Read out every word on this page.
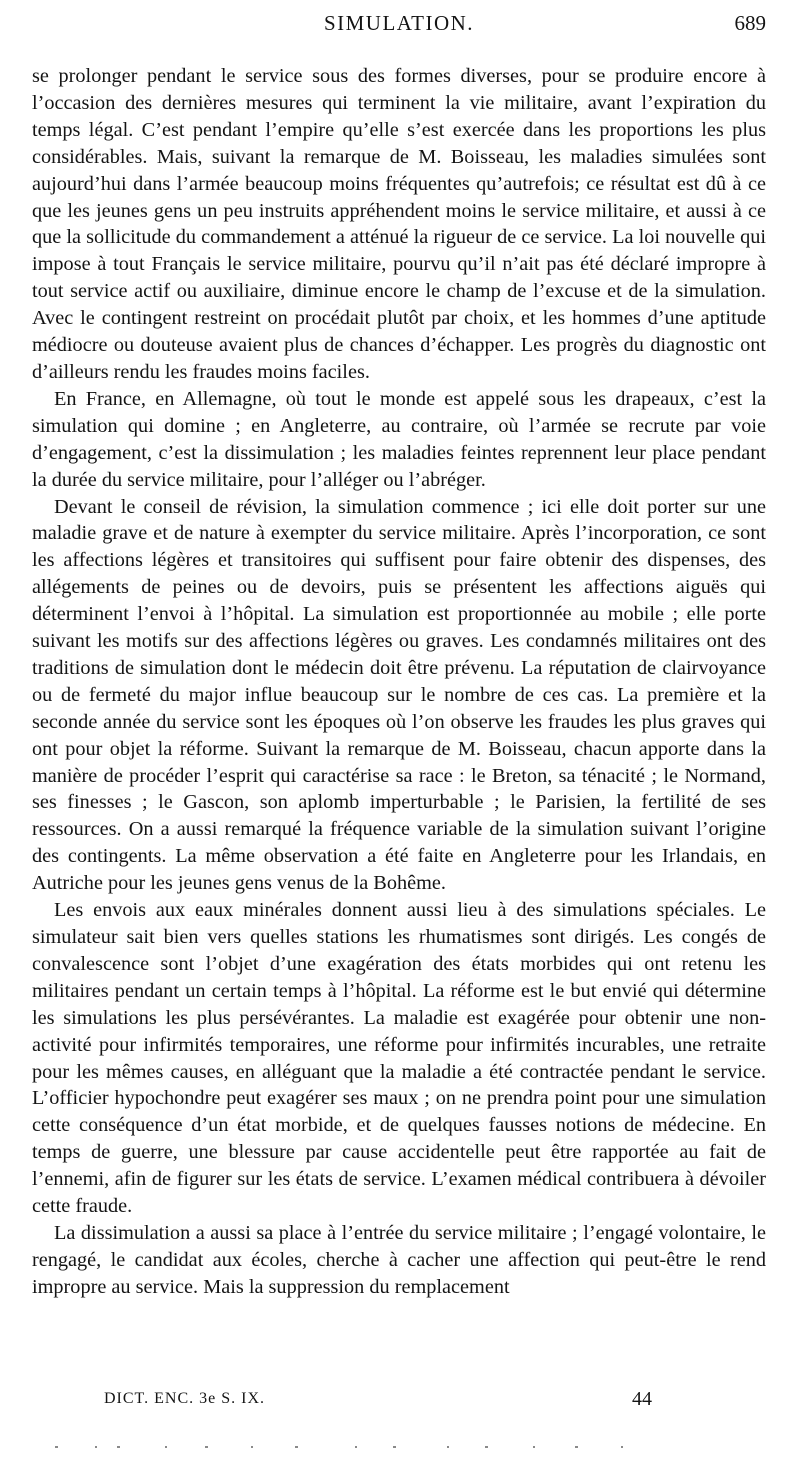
SIMULATION.	689

se prolonger pendant le service sous des formes diverses, pour se produire encore à l’occasion des dernières mesures qui terminent la vie militaire, avant l’expiration du temps légal. C’est pendant l’empire qu’elle s’est exercée dans les proportions les plus considérables. Mais, suivant la remarque de M. Boisseau, les maladies simulées sont aujourd’hui dans l’armée beaucoup moins fréquentes qu’autrefois; ce résultat est dû à ce que les jeunes gens un peu instruits appréhendent moins le service militaire, et aussi à ce que la sollicitude du commandement a atténué la rigueur de ce service. La loi nouvelle qui impose à tout Français le service militaire, pourvu qu’il n’ait pas été déclaré impropre à tout service actif ou auxiliaire, diminue encore le champ de l’excuse et de la simulation. Avec le contingent restreint on procédait plutôt par choix, et les hommes d’une aptitude médiocre ou douteuse avaient plus de chances d’échapper. Les progrès du diagnostic ont d’ailleurs rendu les fraudes moins faciles.

En France, en Allemagne, où tout le monde est appelé sous les drapeaux, c’est la simulation qui domine ; en Angleterre, au contraire, où l’armée se recrute par voie d’engagement, c’est la dissimulation ; les maladies feintes reprennent leur place pendant la durée du service militaire, pour l’alléger ou l’abréger.

Devant le conseil de révision, la simulation commence ; ici elle doit porter sur une maladie grave et de nature à exempter du service militaire. Après l’incorporation, ce sont les affections légères et transitoires qui suffisent pour faire obtenir des dispenses, des allégements de peines ou de devoirs, puis se présentent les affections aiguës qui déterminent l’envoi à l’hôpital. La simulation est proportionnée au mobile ; elle porte suivant les motifs sur des affections légères ou graves. Les condamnés militaires ont des traditions de simulation dont le médecin doit être prévenu. La réputation de clairvoyance ou de fermeté du major influe beaucoup sur le nombre de ces cas. La première et la seconde année du service sont les époques où l’on observe les fraudes les plus graves qui ont pour objet la réforme. Suivant la remarque de M. Boisseau, chacun apporte dans la manière de procéder l’esprit qui caractérise sa race : le Breton, sa ténacité ; le Normand, ses finesses ; le Gascon, son aplomb imperturbable ; le Parisien, la fertilité de ses ressources. On a aussi remarqué la fréquence variable de la simulation suivant l’origine des contingents. La même observation a été faite en Angleterre pour les Irlandais, en Autriche pour les jeunes gens venus de la Bohême.

Les envois aux eaux minérales donnent aussi lieu à des simulations spéciales. Le simulateur sait bien vers quelles stations les rhumatismes sont dirigés. Les congés de convalescence sont l’objet d’une exagération des états morbides qui ont retenu les militaires pendant un certain temps à l’hôpital. La réforme est le but envié qui détermine les simulations les plus persévérantes. La maladie est exagérée pour obtenir une non-activité pour infirmités temporaires, une réforme pour infirmités incurables, une retraite pour les mêmes causes, en alléguant que la maladie a été contractée pendant le service. L’officier hypochondre peut exagérer ses maux ; on ne prendra point pour une simulation cette conséquence d’un état morbide, et de quelques fausses notions de médecine. En temps de guerre, une blessure par cause accidentelle peut être rapportée au fait de l’ennemi, afin de figurer sur les états de service. L’examen médical contribuera à dévoiler cette fraude.

La dissimulation a aussi sa place à l’entrée du service militaire ; l’engagé volontaire, le rengagé, le candidat aux écoles, cherche à cacher une affection qui peut-être le rend impropre au service. Mais la suppression du remplacement

DICT. ENC. 3e S. IX.	44
